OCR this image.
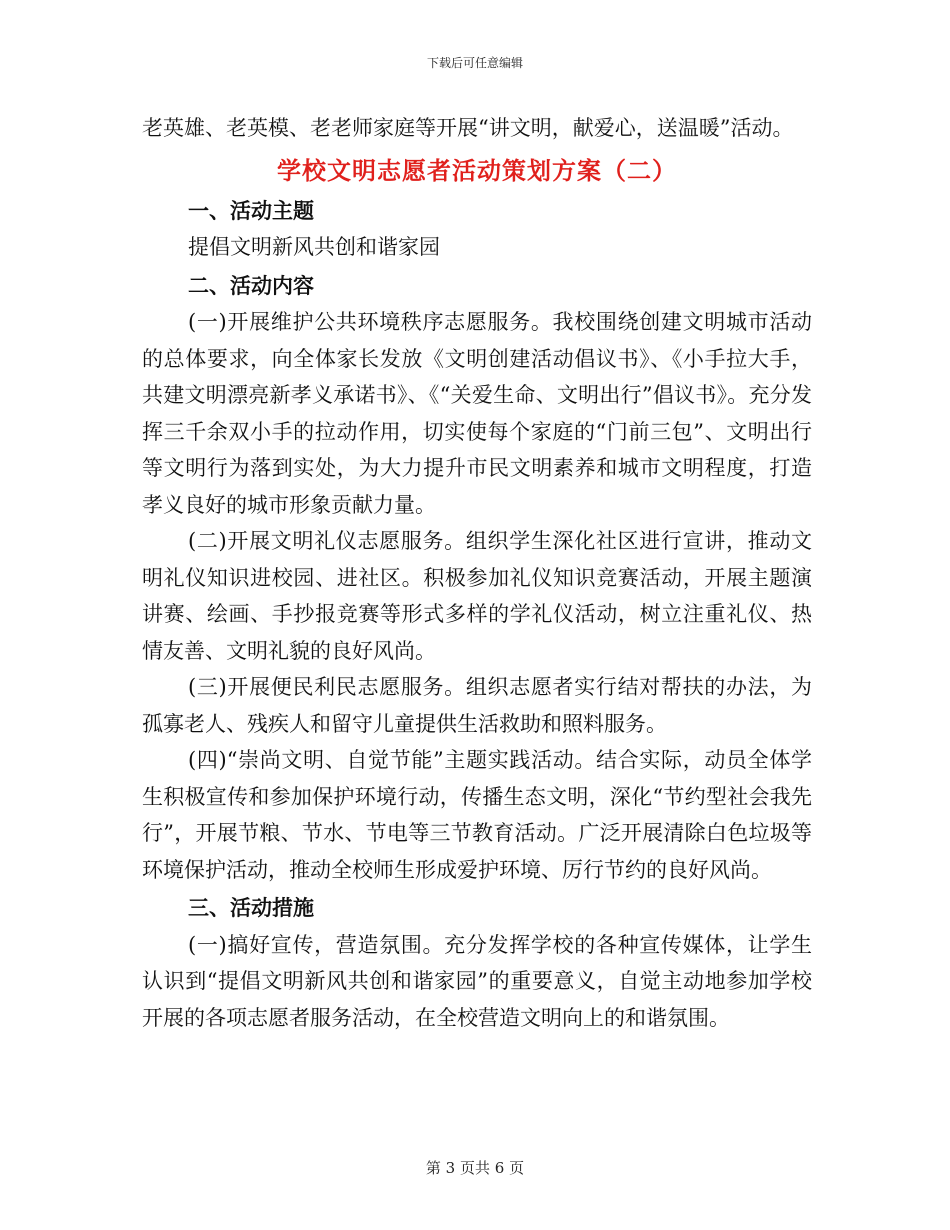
下载后可任意编辑

老英雄、老英模、老老师家庭等开展“讲文明，献爱心，送温暖”活动。

学校文明志愿者活动策划方案（二）
一、活动主题

提倡文明新风共创和谐家园

二、活动内容

(一)开展维护公共环境秩序志愿服务。我校围绕创建文明城市活动的总体要求，向全体家长发放《文明创建活动倡议书》、《小手拉大手，共建文明漂亮新孝义承诺书》、《“关爱生命、文明出行”倡议书》。充分发挥三千余双小手的拉动作用，切实使每个家庭的“门前三包”、文明出行等文明行为落到实处，为大力提升市民文明素养和城市文明程度，打造孝义良好的城市形象贡献力量。

(二)开展文明礼仪志愿服务。组织学生深化社区进行宣讲，推动文明礼仪知识进校园、进社区。积极参加礼仪知识竞赛活动，开展主题演讲赛、绘画、手抄报竞赛等形式多样的学礼仪活动，树立注重礼仪、热情友善、文明礼貌的良好风尚。

(三)开展便民利民志愿服务。组织志愿者实行结对帮扶的办法，为孤寡老人、残疾人和留守儿童提供生活救助和照料服务。

(四)“崇尚文明、自觉节能”主题实践活动。结合实际，动员全体学生积极宣传和参加保护环境行动，传播生态文明，深化“节约型社会我先行”，开展节粮、节水、节电等三节教育活动。广泛开展清除白色垃圾等环境保护活动，推动全校师生形成爱护环境、厉行节约的良好风尚。

三、活动措施

(一)搞好宣传，营造氛围。充分发挥学校的各种宣传媒体，让学生认识到“提倡文明新风共创和谐家园”的重要意义，自觉主动地参加学校开展的各项志愿者服务活动，在全校营造文明向上的和谐氛围。

第 3 页共 6 页
